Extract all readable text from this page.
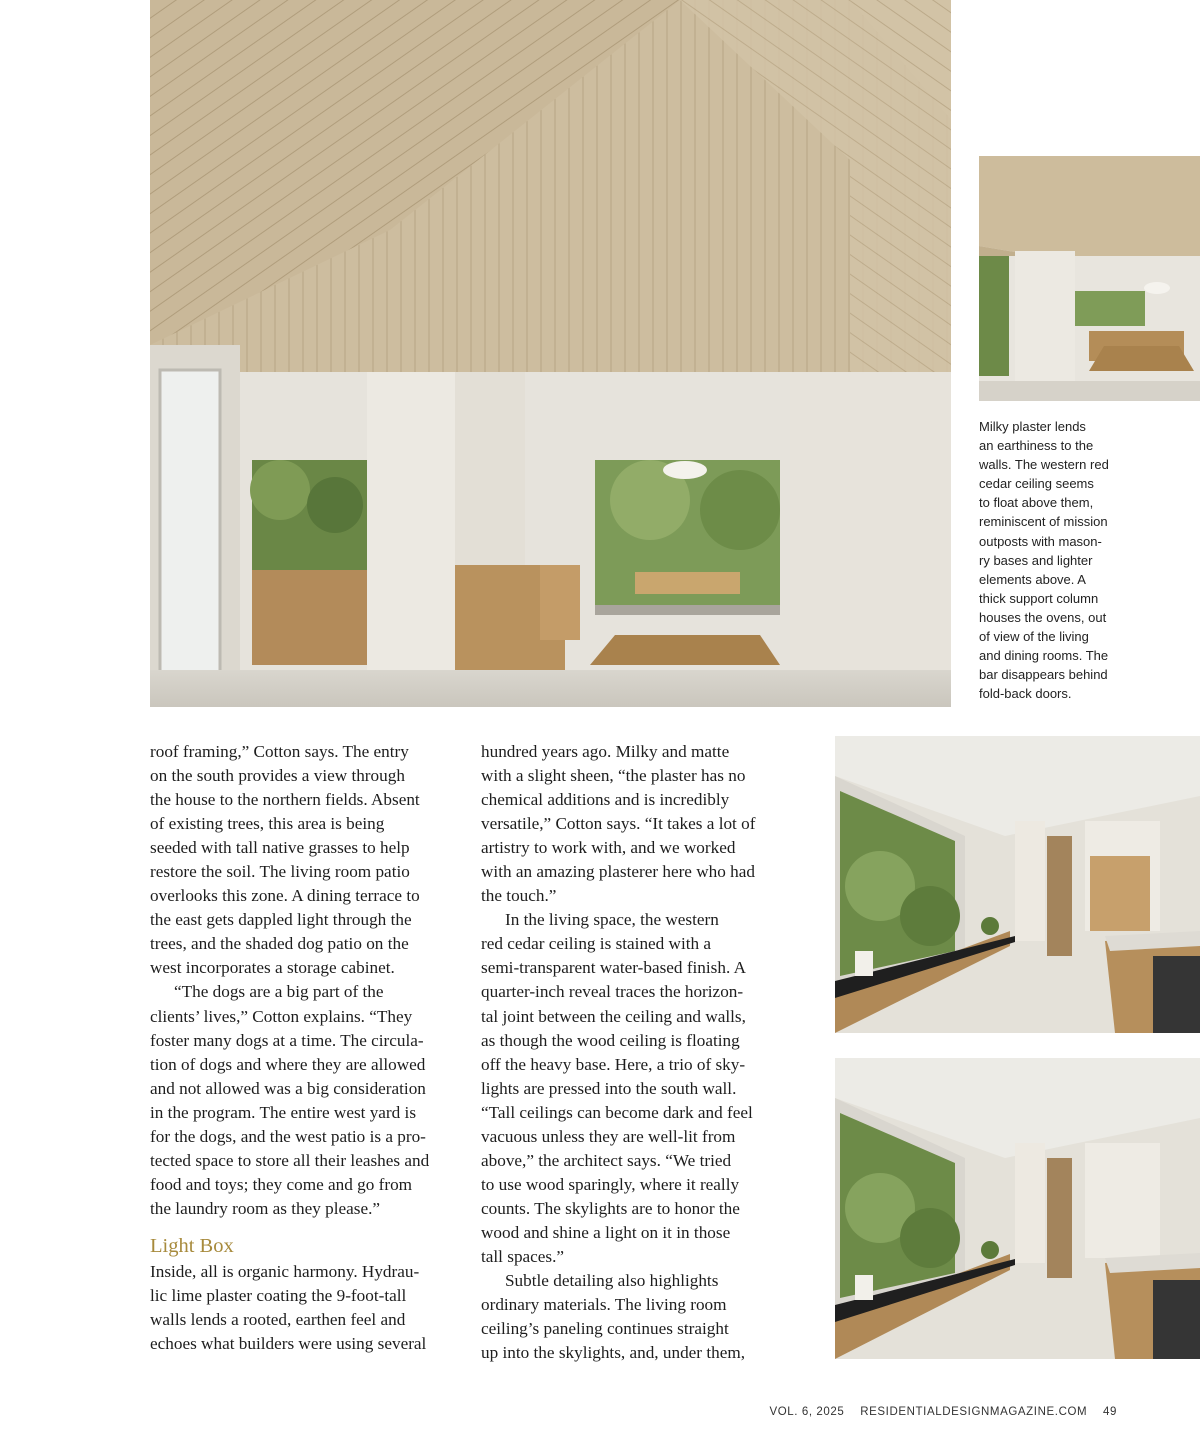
Milky plaster lends
an earthiness to the
walls. The western red
cedar ceiling seems
to float above them,
reminiscent of mission
outposts with mason-
ry bases and lighter
elements above. A
thick support column
houses the ovens, out
of view of the living
and dining rooms. The
bar disappears behind
fold-back doors.

roof framing,” Cotton says. The entry
on the south provides a view through
the house to the northern fields. Absent
of existing trees, this area is being
seeded with tall native grasses to help
restore the soil. The living room patio
overlooks this zone. A dining terrace to
the east gets dappled light through the
trees, and the shaded dog patio on the
west incorporates a storage cabinet.

“The dogs are a big part of the
clients’ lives,” Cotton explains. “They
foster many dogs at a time. The circula-
tion of dogs and where they are allowed
and not allowed was a big consideration
in the program. The entire west yard is
for the dogs, and the west patio is a pro-
tected space to store all their leashes and
food and toys; they come and go from
the laundry room as they please.”

Light Box

Inside, all is organic harmony. Hydrau-
lic lime plaster coating the 9-foot-tall
walls lends a rooted, earthen feel and
echoes what builders were using several

hundred years ago. Milky and matte
with a slight sheen, “the plaster has no
chemical additions and is incredibly
versatile,” Cotton says. “It takes a lot of
artistry to work with, and we worked
with an amazing plasterer here who had
the touch.”

In the living space, the western
red cedar ceiling is stained with a
semi-transparent water-based finish. A
quarter-inch reveal traces the horizon-
tal joint between the ceiling and walls,
as though the wood ceiling is floating
off the heavy base. Here, a trio of sky-
lights are pressed into the south wall.
“Tall ceilings can become dark and feel
vacuous unless they are well-lit from
above,” the architect says. “We tried
to use wood sparingly, where it really
counts. The skylights are to honor the
wood and shine a light on it in those
tall spaces.”

Subtle detailing also highlights
ordinary materials. The living room
ceiling’s paneling continues straight
up into the skylights, and, under them,

VOL. 6, 2025 RESIDENTIALDESIGNMAGAZINE.COM 49
